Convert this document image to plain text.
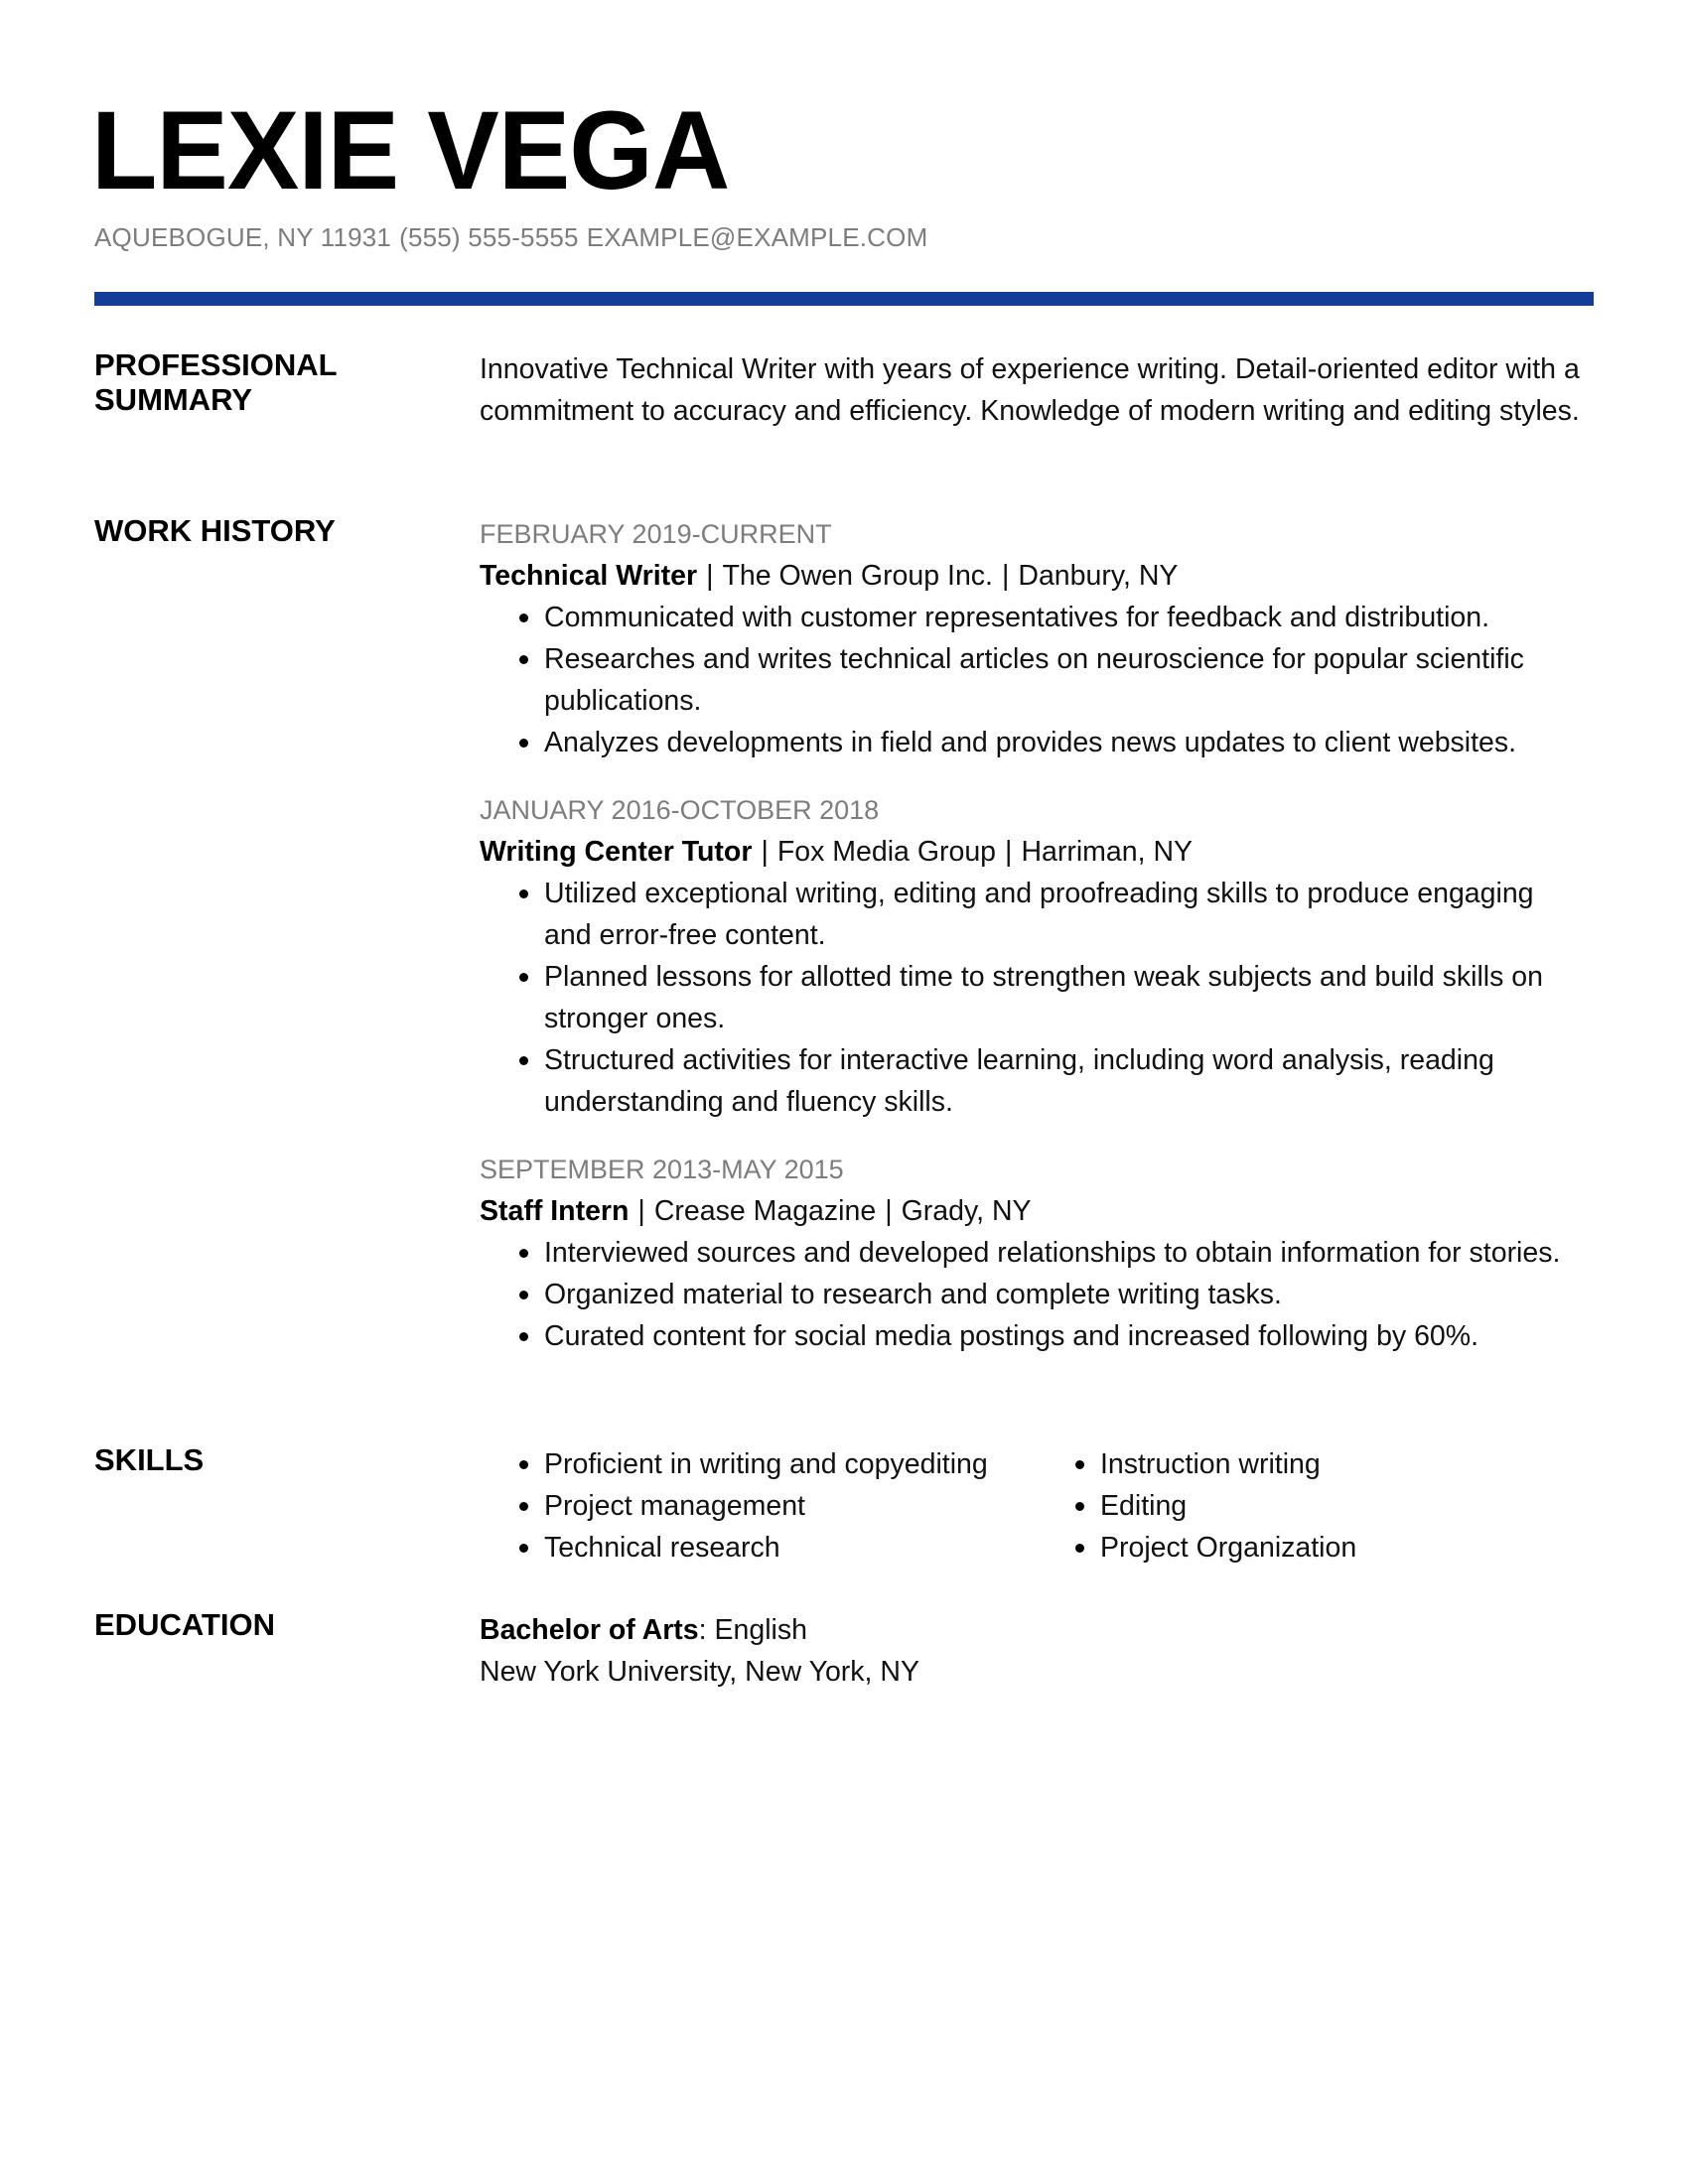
LEXIE VEGA
AQUEBOGUE, NY 11931 (555) 555-5555 EXAMPLE@EXAMPLE.COM
PROFESSIONAL
SUMMARY

Innovative Technical Writer with years of experience writing. Detail-oriented editor with a commitment to accuracy and efficiency. Knowledge of modern writing and editing styles.

WORK HISTORY	FEBRUARY 2019-CURRENT
Technical Writer | The Owen Group Inc. | Danbury, NY
Communicated with customer representatives for feedback and distribution.
Researches and writes technical articles on neuroscience for popular scientific publications.
Analyzes developments in field and provides news updates to client websites.
JANUARY 2016-OCTOBER 2018
Writing Center Tutor | Fox Media Group | Harriman, NY
Utilized exceptional writing, editing and proofreading skills to produce engaging and error-free content.
Planned lessons for allotted time to strengthen weak subjects and build skills on stronger ones.
Structured activities for interactive learning, including word analysis, reading understanding and fluency skills.
SEPTEMBER 2013-MAY 2015
Staff Intern | Crease Magazine | Grady, NY
Interviewed sources and developed relationships to obtain information for stories.
Organized material to research and complete writing tasks.
Curated content for social media postings and increased following by 60%.
SKILLS	Proficient in writing and copyediting
Project management
Technical research
Instruction writing
Editing
Project Organization
EDUCATION	Bachelor of Arts: English
New York University, New York, NY
